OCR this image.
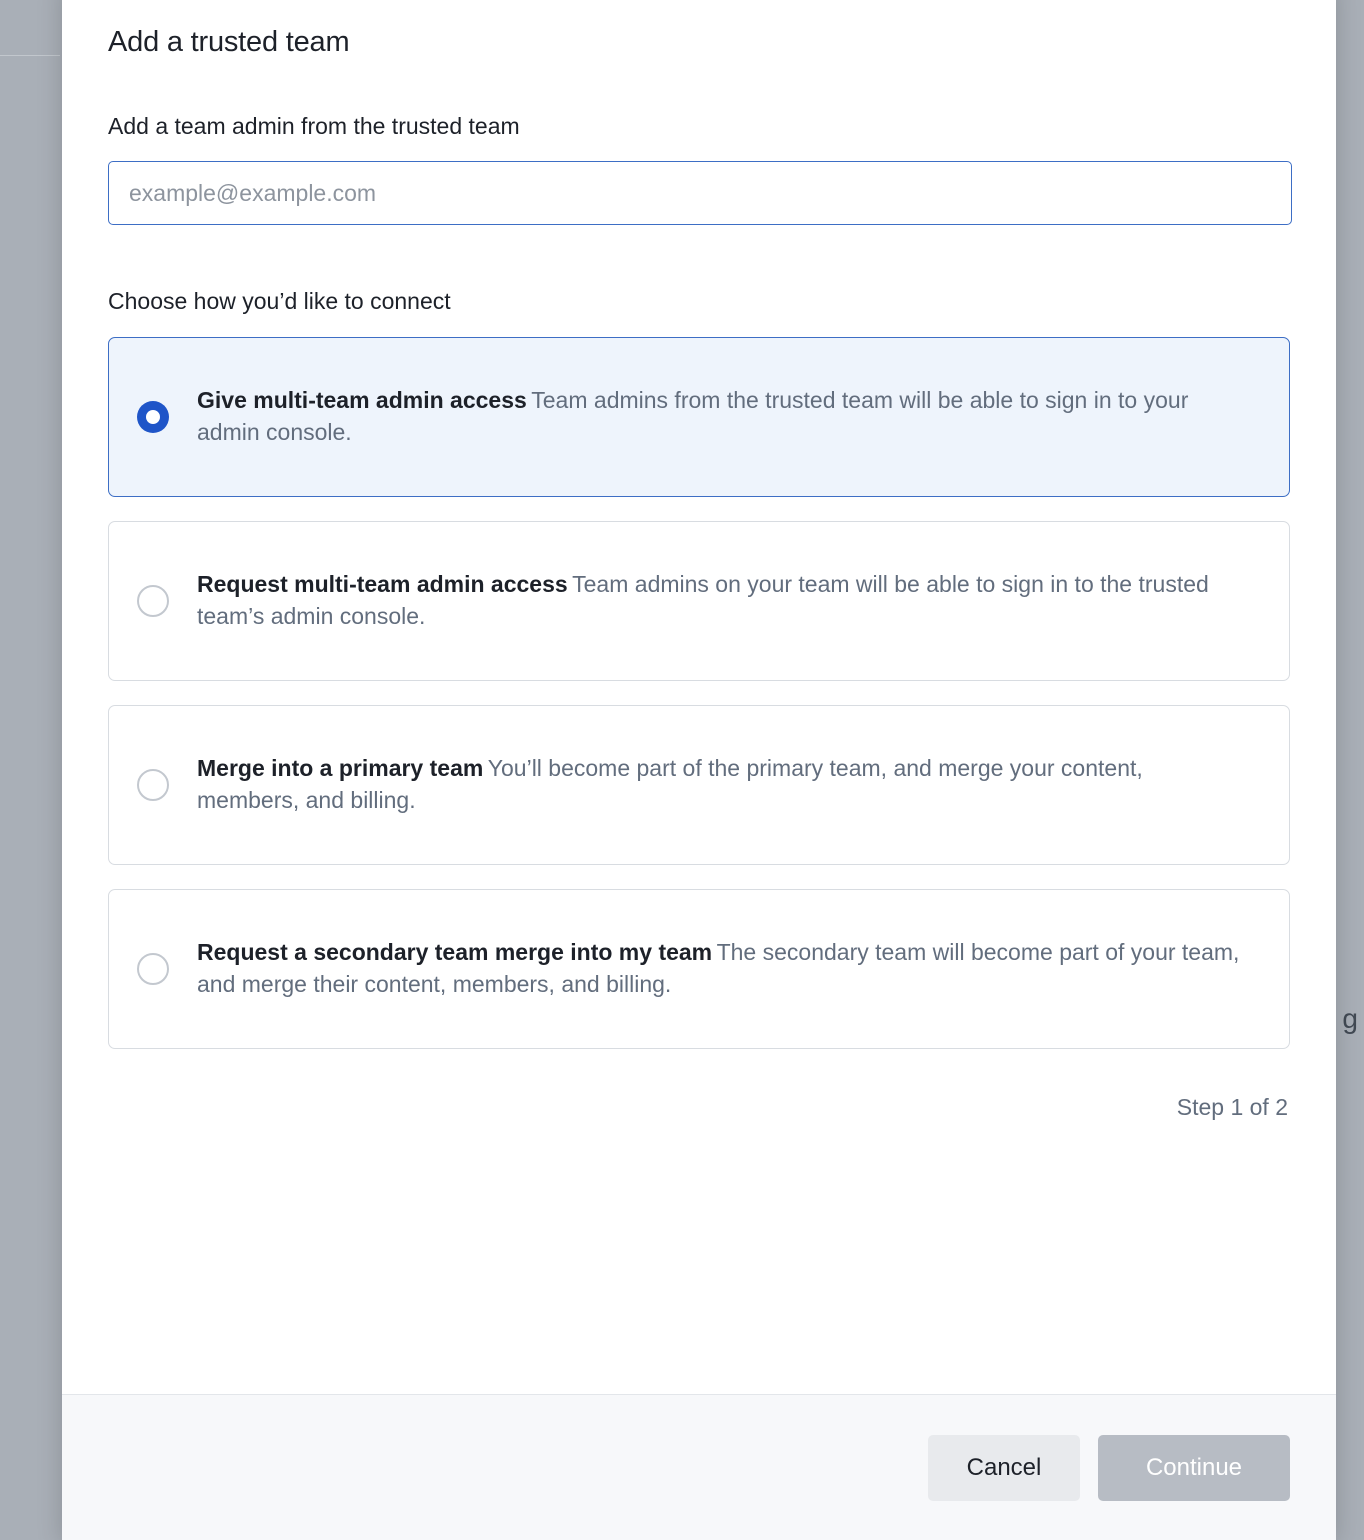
g
Add a trusted team
Add a team admin from the trusted team
example@example.com
Choose how you’d like to connect
Give multi-team admin access Team admins from the trusted team will be able to sign in to your admin console.
Request multi-team admin access Team admins on your team will be able to sign in to the trusted team’s admin console.
Merge into a primary team You’ll become part of the primary team, and merge your content, members, and billing.
Request a secondary team merge into my team The secondary team will become part of your team, and merge their content, members, and billing.
Step 1 of 2
Cancel	Continue
